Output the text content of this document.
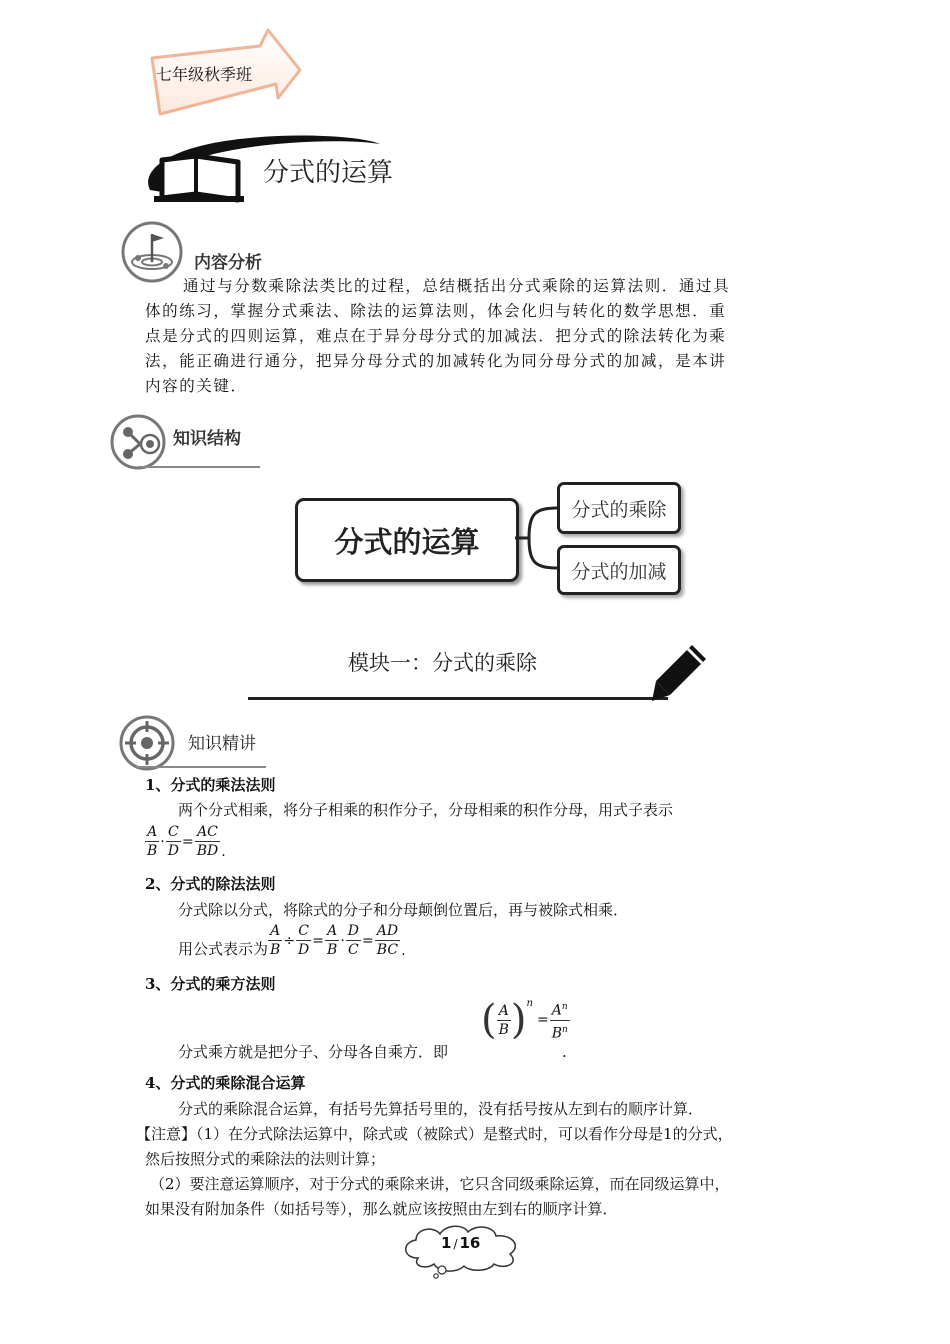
七年级秋季班
分式的运算
内容分析
通过与分数乘除法类比的过程，总结概括出分式乘除的运算法则．通过具
体的练习，掌握分式乘法、除法的运算法则，体会化归与转化的数学思想．重
点是分式的四则运算，难点在于异分母分式的加减法．把分式的除法转化为乘
法，能正确进行通分，把异分母分式的加减转化为同分母分式的加减，是本讲
内容的关键．
知识结构
分式的运算
分式的乘除
分式的加减
模块一：分式的乘除
知识精讲
1、分式的乘法法则
两个分式相乘，将分子相乘的积作分子，分母相乘的积作分母，用式子表示
$\frac{A}{B} \cdot \frac{C}{D} = \frac{AC}{BD}$ .
2、分式的除法法则
分式除以分式，将除式的分子和分母颠倒位置后，再与被除式相乘．
用公式表示为 $\frac{A}{B} \div \frac{C}{D} = \frac{A}{B} \cdot \frac{D}{C} = \frac{AD}{BC}$ .
3、分式的乘方法则
分式乘方就是把分子、分母各自乘方．即
( $\frac{A}{B} )^n= \frac{A^n}{B^n}$
.
4、分式的乘除混合运算
分式的乘除混合运算，有括号先算括号里的，没有括号按从左到右的顺序计算．
【注意】（1）在分式除法运算中，除式或（被除式）是整式时，可以看作分母是1的分式，
然后按照分式的乘除法的法则计算；
（2）要注意运算顺序，对于分式的乘除来讲，它只含同级乘除运算，而在同级运算中，
如果没有附加条件（如括号等），那么就应该按照由左到右的顺序计算．
1 / 16
